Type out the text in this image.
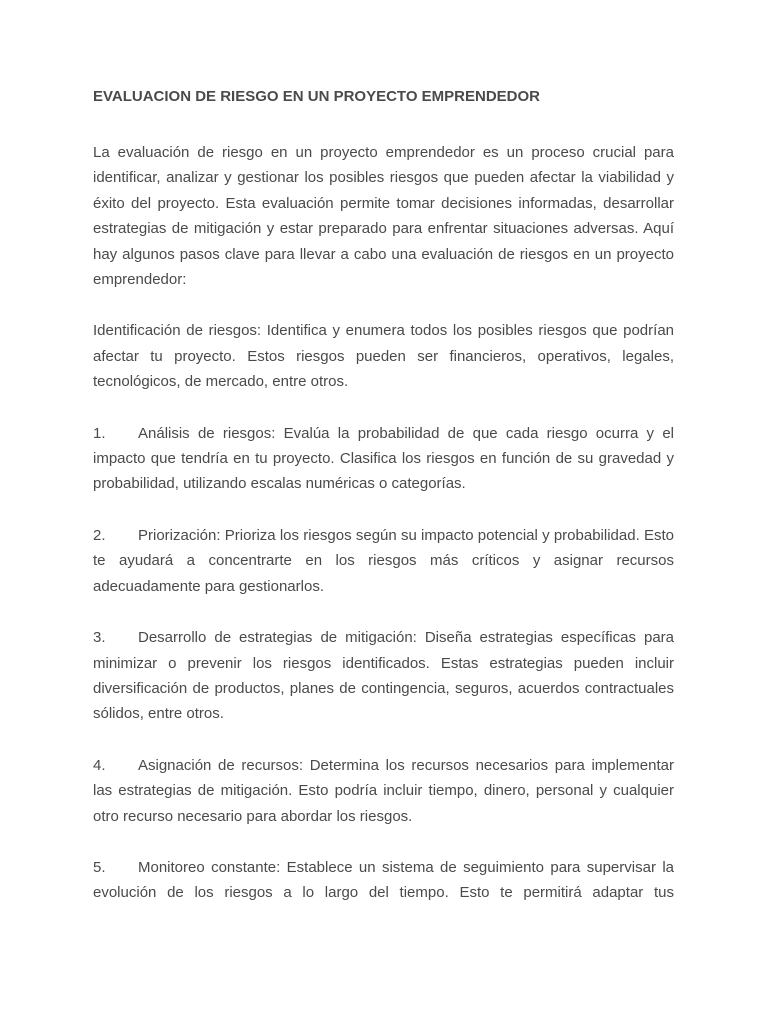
EVALUACION DE RIESGO EN UN PROYECTO EMPRENDEDOR

La evaluación de riesgo en un proyecto emprendedor es un proceso crucial para identificar, analizar y gestionar los posibles riesgos que pueden afectar la viabilidad y éxito del proyecto. Esta evaluación permite tomar decisiones informadas, desarrollar estrategias de mitigación y estar preparado para enfrentar situaciones adversas. Aquí hay algunos pasos clave para llevar a cabo una evaluación de riesgos en un proyecto emprendedor:

Identificación de riesgos: Identifica y enumera todos los posibles riesgos que podrían afectar tu proyecto. Estos riesgos pueden ser financieros, operativos, legales, tecnológicos, de mercado, entre otros.

1. Análisis de riesgos: Evalúa la probabilidad de que cada riesgo ocurra y el impacto que tendría en tu proyecto. Clasifica los riesgos en función de su gravedad y probabilidad, utilizando escalas numéricas o categorías.

2. Priorización: Prioriza los riesgos según su impacto potencial y probabilidad. Esto te ayudará a concentrarte en los riesgos más críticos y asignar recursos adecuadamente para gestionarlos.

3. Desarrollo de estrategias de mitigación: Diseña estrategias específicas para minimizar o prevenir los riesgos identificados. Estas estrategias pueden incluir diversificación de productos, planes de contingencia, seguros, acuerdos contractuales sólidos, entre otros.

4. Asignación de recursos: Determina los recursos necesarios para implementar las estrategias de mitigación. Esto podría incluir tiempo, dinero, personal y cualquier otro recurso necesario para abordar los riesgos.

5. Monitoreo constante: Establece un sistema de seguimiento para supervisar la evolución de los riesgos a lo largo del tiempo. Esto te permitirá adaptar tus
